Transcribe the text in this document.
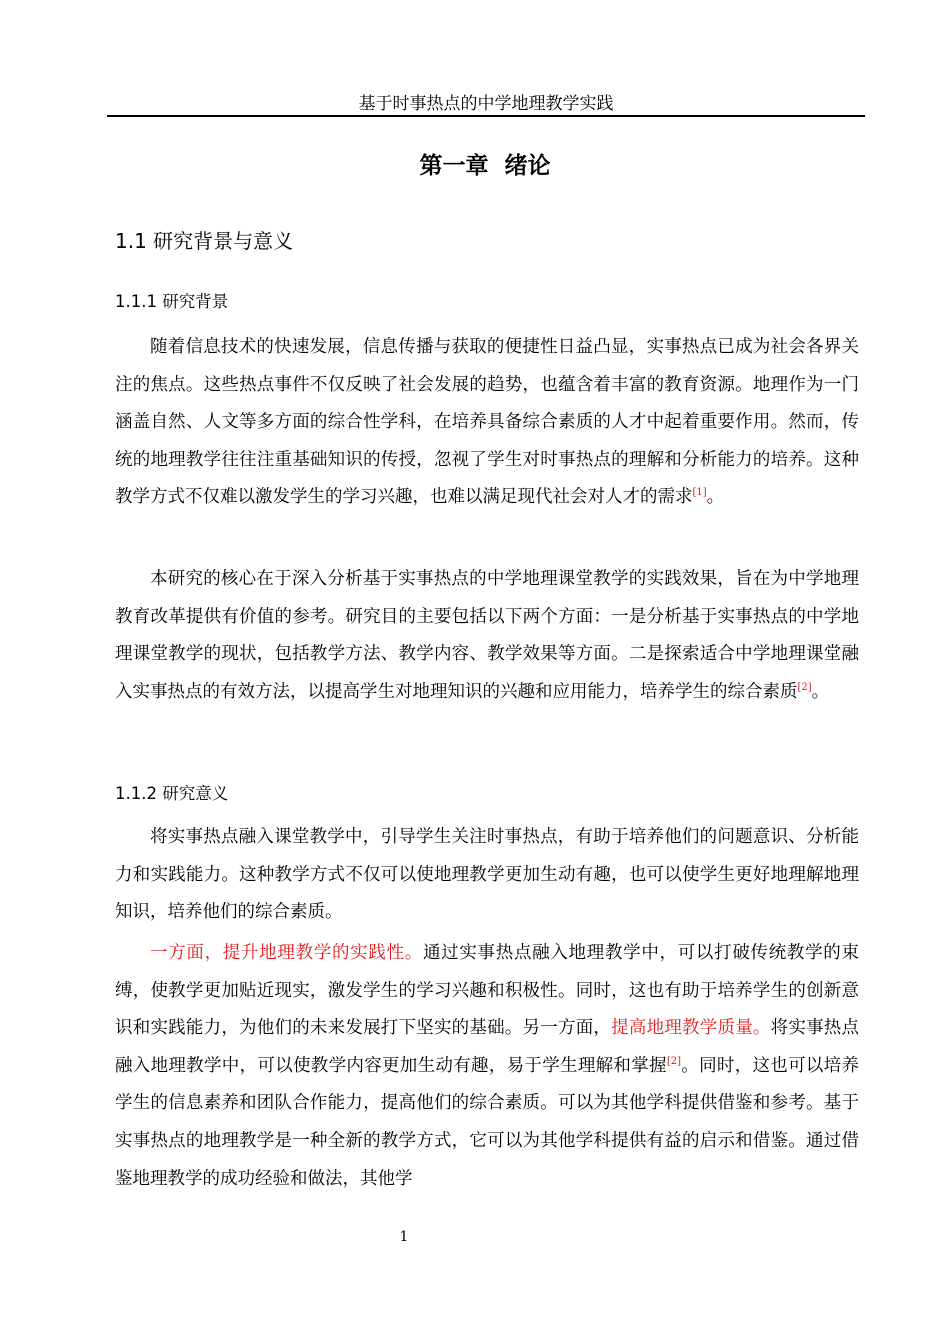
基于时事热点的中学地理教学实践
第一章  绪论
1.1 研究背景与意义
1.1.1 研究背景

随着信息技术的快速发展，信息传播与获取的便捷性日益凸显，实事热点已成为社会各界关注的焦点。这些热点事件不仅反映了社会发展的趋势，也蕴含着丰富的教育资源。地理作为一门涵盖自然、人文等多方面的综合性学科，在培养具备综合素质的人才中起着重要作用。然而，传统的地理教学往往注重基础知识的传授，忽视了学生对时事热点的理解和分析能力的培养。这种教学方式不仅难以激发学生的学习兴趣，也难以满足现代社会对人才的需求[1]。

本研究的核心在于深入分析基于实事热点的中学地理课堂教学的实践效果，旨在为中学地理教育改革提供有价值的参考。研究目的主要包括以下两个方面：一是分析基于实事热点的中学地理课堂教学的现状，包括教学方法、教学内容、教学效果等方面。二是探索适合中学地理课堂融入实事热点的有效方法，以提高学生对地理知识的兴趣和应用能力，培养学生的综合素质[2]。

1.1.2 研究意义

将实事热点融入课堂教学中，引导学生关注时事热点，有助于培养他们的问题意识、分析能力和实践能力。这种教学方式不仅可以使地理教学更加生动有趣，也可以使学生更好地理解地理知识，培养他们的综合素质。

一方面，提升地理教学的实践性。通过实事热点融入地理教学中，可以打破传统教学的束缚，使教学更加贴近现实，激发学生的学习兴趣和积极性。同时，这也有助于培养学生的创新意识和实践能力，为他们的未来发展打下坚实的基础。另一方面，提高地理教学质量。将实事热点融入地理教学中，可以使教学内容更加生动有趣，易于学生理解和掌握[2]。同时，这也可以培养学生的信息素养和团队合作能力，提高他们的综合素质。可以为其他学科提供借鉴和参考。基于实事热点的地理教学是一种全新的教学方式，它可以为其他学科提供有益的启示和借鉴。通过借鉴地理教学的成功经验和做法，其他学

1
